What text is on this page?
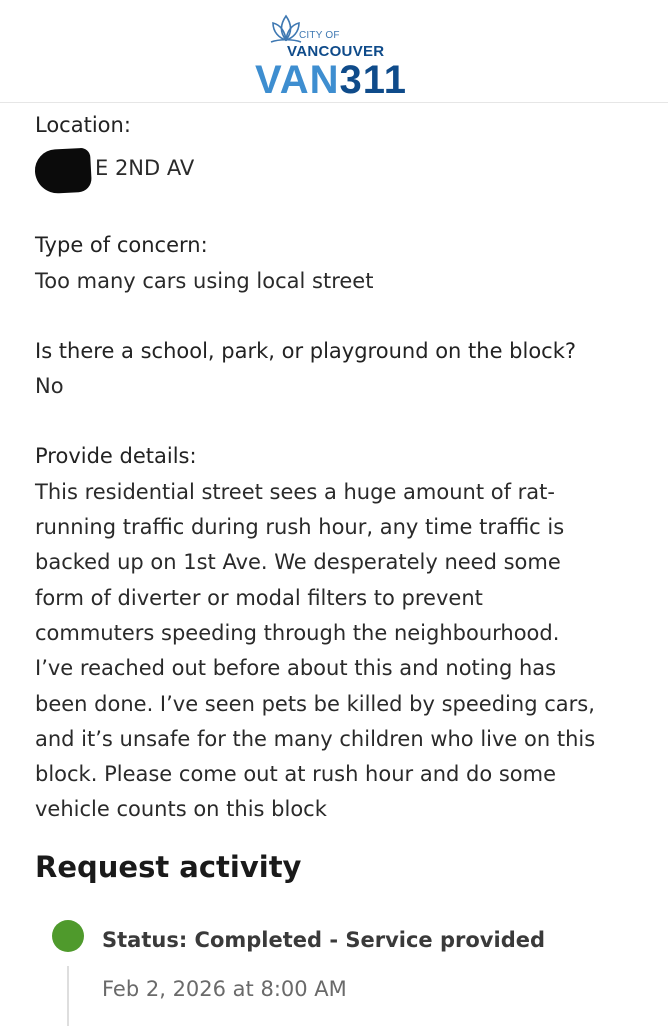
CITY OF
VANCOUVER
VAN311

Location:

E 2ND AV

Type of concern:

Too many cars using local street

Is there a school, park, or playground on the block?

No

Provide details:

This residential street sees a huge amount of rat-

running traffic during rush hour, any time traffic is

backed up on 1st Ave. We desperately need some

form of diverter or modal filters to prevent

commuters speeding through the neighbourhood.

I’ve reached out before about this and noting has

been done. I’ve seen pets be killed by speeding cars,

and it’s unsafe for the many children who live on this

block. Please come out at rush hour and do some

vehicle counts on this block

Request activity
Status: Completed - Service provided
Feb 2, 2026 at 8:00 AM
